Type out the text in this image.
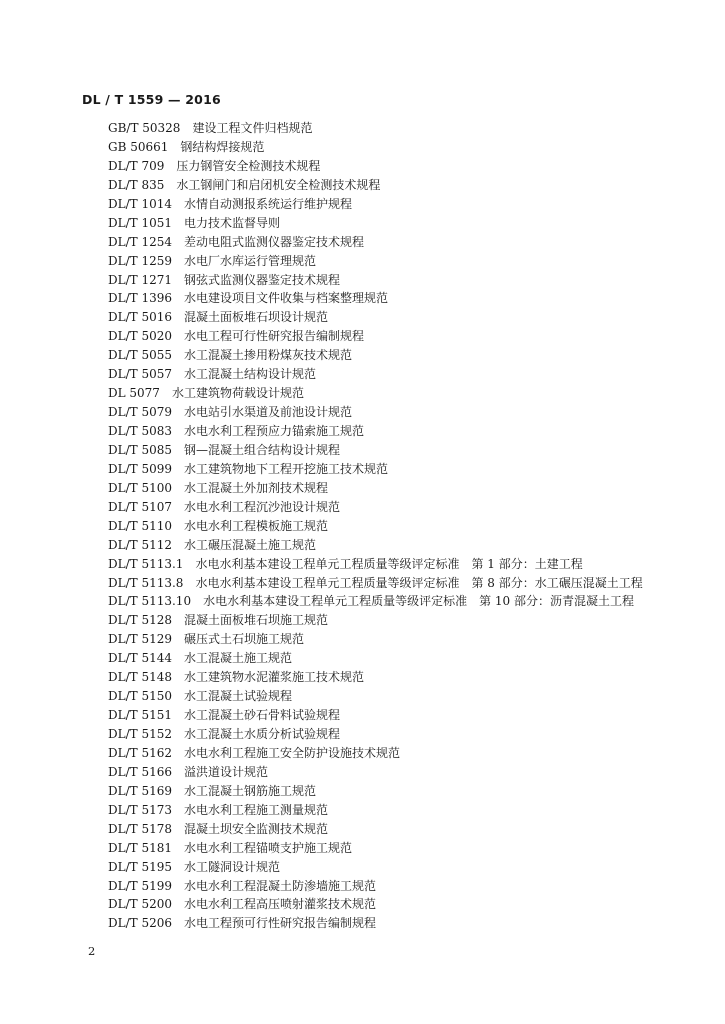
DL / T 1559 — 2016
GB/T 50328 建设工程文件归档规范
GB 50661 钢结构焊接规范
DL/T 709 压力钢管安全检测技术规程
DL/T 835 水工钢闸门和启闭机安全检测技术规程
DL/T 1014 水情自动测报系统运行维护规程
DL/T 1051 电力技术监督导则
DL/T 1254 差动电阻式监测仪器鉴定技术规程
DL/T 1259 水电厂水库运行管理规范
DL/T 1271 钢弦式监测仪器鉴定技术规程
DL/T 1396 水电建设项目文件收集与档案整理规范
DL/T 5016 混凝土面板堆石坝设计规范
DL/T 5020 水电工程可行性研究报告编制规程
DL/T 5055 水工混凝土掺用粉煤灰技术规范
DL/T 5057 水工混凝土结构设计规范
DL 5077 水工建筑物荷载设计规范
DL/T 5079 水电站引水渠道及前池设计规范
DL/T 5083 水电水利工程预应力锚索施工规范
DL/T 5085 钢—混凝土组合结构设计规程
DL/T 5099 水工建筑物地下工程开挖施工技术规范
DL/T 5100 水工混凝土外加剂技术规程
DL/T 5107 水电水利工程沉沙池设计规范
DL/T 5110 水电水利工程模板施工规范
DL/T 5112 水工碾压混凝土施工规范
DL/T 5113.1 水电水利基本建设工程单元工程质量等级评定标准　第 1 部分：土建工程
DL/T 5113.8 水电水利基本建设工程单元工程质量等级评定标准　第 8 部分：水工碾压混凝土工程
DL/T 5113.10 水电水利基本建设工程单元工程质量等级评定标准　第 10 部分：沥青混凝土工程
DL/T 5128 混凝土面板堆石坝施工规范
DL/T 5129 碾压式土石坝施工规范
DL/T 5144 水工混凝土施工规范
DL/T 5148 水工建筑物水泥灌浆施工技术规范
DL/T 5150 水工混凝土试验规程
DL/T 5151 水工混凝土砂石骨料试验规程
DL/T 5152 水工混凝土水质分析试验规程
DL/T 5162 水电水利工程施工安全防护设施技术规范
DL/T 5166 溢洪道设计规范
DL/T 5169 水工混凝土钢筋施工规范
DL/T 5173 水电水利工程施工测量规范
DL/T 5178 混凝土坝安全监测技术规范
DL/T 5181 水电水利工程锚喷支护施工规范
DL/T 5195 水工隧洞设计规范
DL/T 5199 水电水利工程混凝土防渗墙施工规范
DL/T 5200 水电水利工程高压喷射灌浆技术规范
DL/T 5206 水电工程预可行性研究报告编制规程
2
